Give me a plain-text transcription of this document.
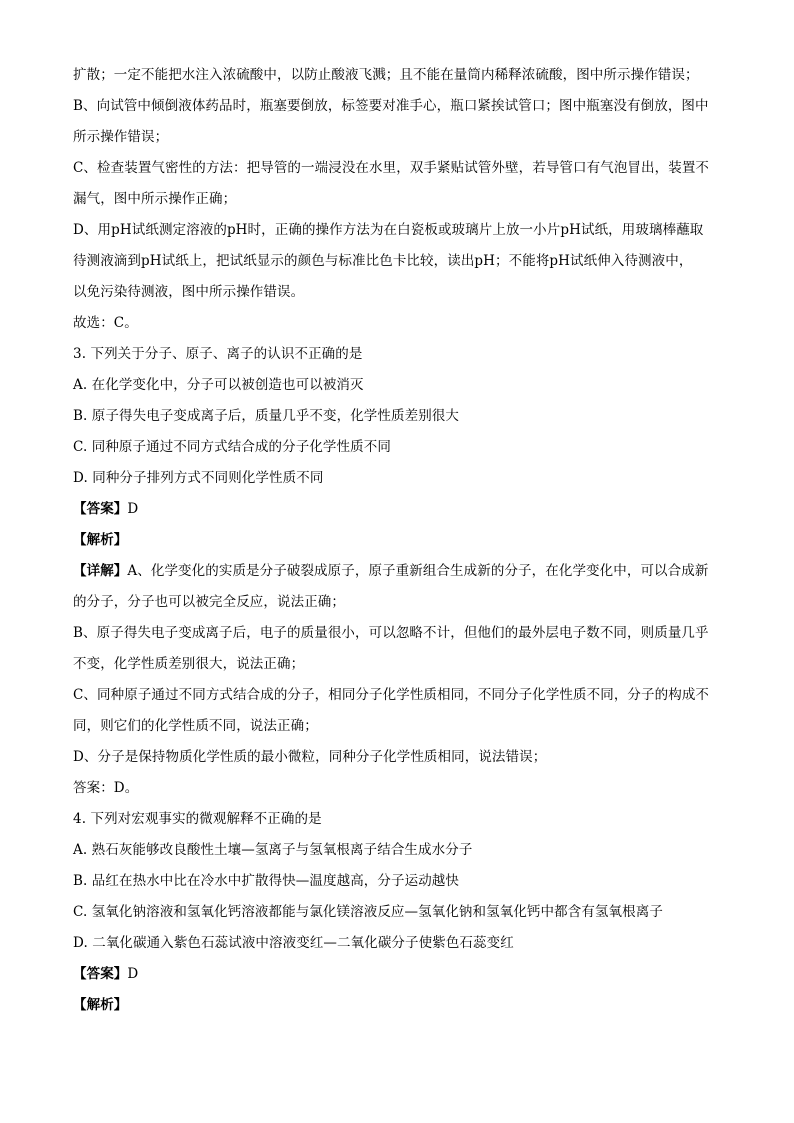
扩散；一定不能把水注入浓硫酸中，以防止酸液飞溅；且不能在量筒内稀释浓硫酸，图中所示操作错误；
B、向试管中倾倒液体药品时，瓶塞要倒放，标签要对准手心，瓶口紧挨试管口；图中瓶塞没有倒放，图中
所示操作错误；
C、检查装置气密性的方法：把导管的一端浸没在水里，双手紧贴试管外壁，若导管口有气泡冒出，装置不
漏气，图中所示操作正确；
D、用pH试纸测定溶液的pH时，正确的操作方法为在白瓷板或玻璃片上放一小片pH试纸，用玻璃棒蘸取
待测液滴到pH试纸上，把试纸显示的颜色与标准比色卡比较，读出pH；不能将pH试纸伸入待测液中，
以免污染待测液，图中所示操作错误。
故选：C。
3. 下列关于分子、原子、离子的认识不正确的是
A. 在化学变化中，分子可以被创造也可以被消灭
B. 原子得失电子变成离子后，质量几乎不变，化学性质差别很大
C. 同种原子通过不同方式结合成的分子化学性质不同
D. 同种分子排列方式不同则化学性质不同
【答案】D
【解析】
【详解】A、化学变化的实质是分子破裂成原子，原子重新组合生成新的分子，在化学变化中，可以合成新
的分子，分子也可以被完全反应，说法正确；
B、原子得失电子变成离子后，电子的质量很小，可以忽略不计，但他们的最外层电子数不同，则质量几乎
不变，化学性质差别很大，说法正确；
C、同种原子通过不同方式结合成的分子，相同分子化学性质相同，不同分子化学性质不同，分子的构成不
同，则它们的化学性质不同，说法正确；
D、分子是保持物质化学性质的最小微粒，同种分子化学性质相同，说法错误；
答案：D。
4. 下列对宏观事实的微观解释不正确的是
A. 熟石灰能够改良酸性土壤—氢离子与氢氧根离子结合生成水分子
B. 品红在热水中比在冷水中扩散得快—温度越高，分子运动越快
C. 氢氧化钠溶液和氢氧化钙溶液都能与氯化镁溶液反应—氢氧化钠和氢氧化钙中都含有氢氧根离子
D. 二氧化碳通入紫色石蕊试液中溶液变红—二氧化碳分子使紫色石蕊变红
【答案】D
【解析】
